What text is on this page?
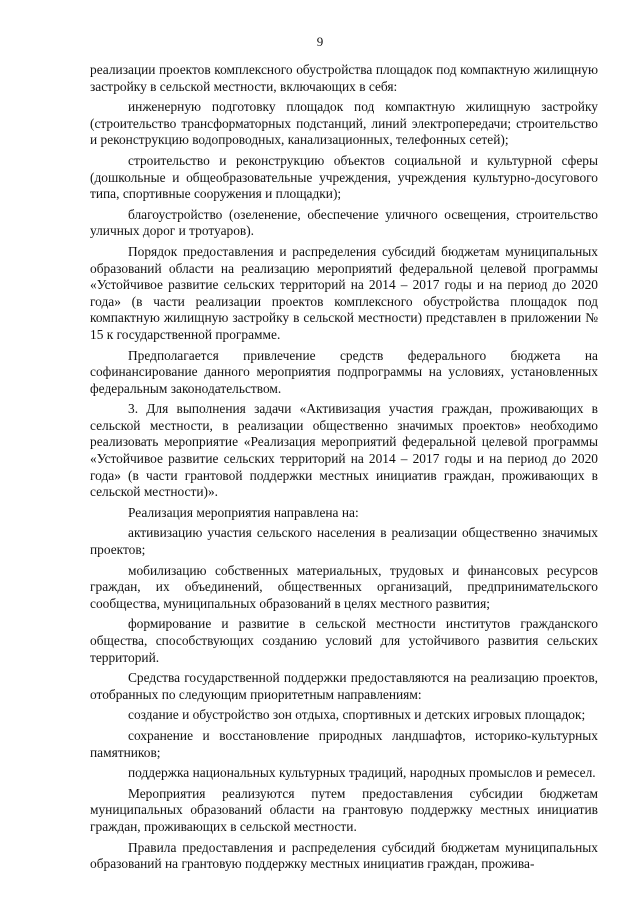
9

реализации проектов комплексного обустройства площадок под компактную жилищную застройку в сельской местности, включающих в себя:

инженерную подготовку площадок под компактную жилищную застройку (строительство трансформаторных подстанций, линий электропередачи; строительство и реконструкцию водопроводных, канализационных, телефонных сетей);

строительство и реконструкцию объектов социальной и культурной сферы (дошкольные и общеобразовательные учреждения, учреждения культурно-досугового типа, спортивные сооружения и площадки);

благоустройство (озеленение, обеспечение уличного освещения, строительство уличных дорог и тротуаров).

Порядок предоставления и распределения субсидий бюджетам муниципальных образований области на реализацию мероприятий федеральной целевой программы «Устойчивое развитие сельских территорий на 2014 – 2017 годы и на период до 2020 года» (в части реализации проектов комплексного обустройства площадок под компактную жилищную застройку в сельской местности) представлен в приложении № 15 к государственной программе.

Предполагается привлечение средств федерального бюджета на софинансирование данного мероприятия подпрограммы на условиях, установленных федеральным законодательством.

3. Для выполнения задачи «Активизация участия граждан, проживающих в сельской местности, в реализации общественно значимых проектов» необходимо реализовать мероприятие «Реализация мероприятий федеральной целевой программы «Устойчивое развитие сельских территорий на 2014 – 2017 годы и на период до 2020 года» (в части грантовой поддержки местных инициатив граждан, проживающих в сельской местности)».

Реализация мероприятия направлена на:

активизацию участия сельского населения в реализации общественно значимых проектов;

мобилизацию собственных материальных, трудовых и финансовых ресурсов граждан, их объединений, общественных организаций, предпринимательского сообщества, муниципальных образований в целях местного развития;

формирование и развитие в сельской местности институтов гражданского общества, способствующих созданию условий для устойчивого развития сельских территорий.

Средства государственной поддержки предоставляются на реализацию проектов, отобранных по следующим приоритетным направлениям:

создание и обустройство зон отдыха, спортивных и детских игровых площадок;

сохранение и восстановление природных ландшафтов, историко-культурных памятников;

поддержка национальных культурных традиций, народных промыслов и ремесел.

Мероприятия реализуются путем предоставления субсидии бюджетам муниципальных образований области на грантовую поддержку местных инициатив граждан, проживающих в сельской местности.

Правила предоставления и распределения субсидий бюджетам муниципальных образований на грантовую поддержку местных инициатив граждан, прожива-
